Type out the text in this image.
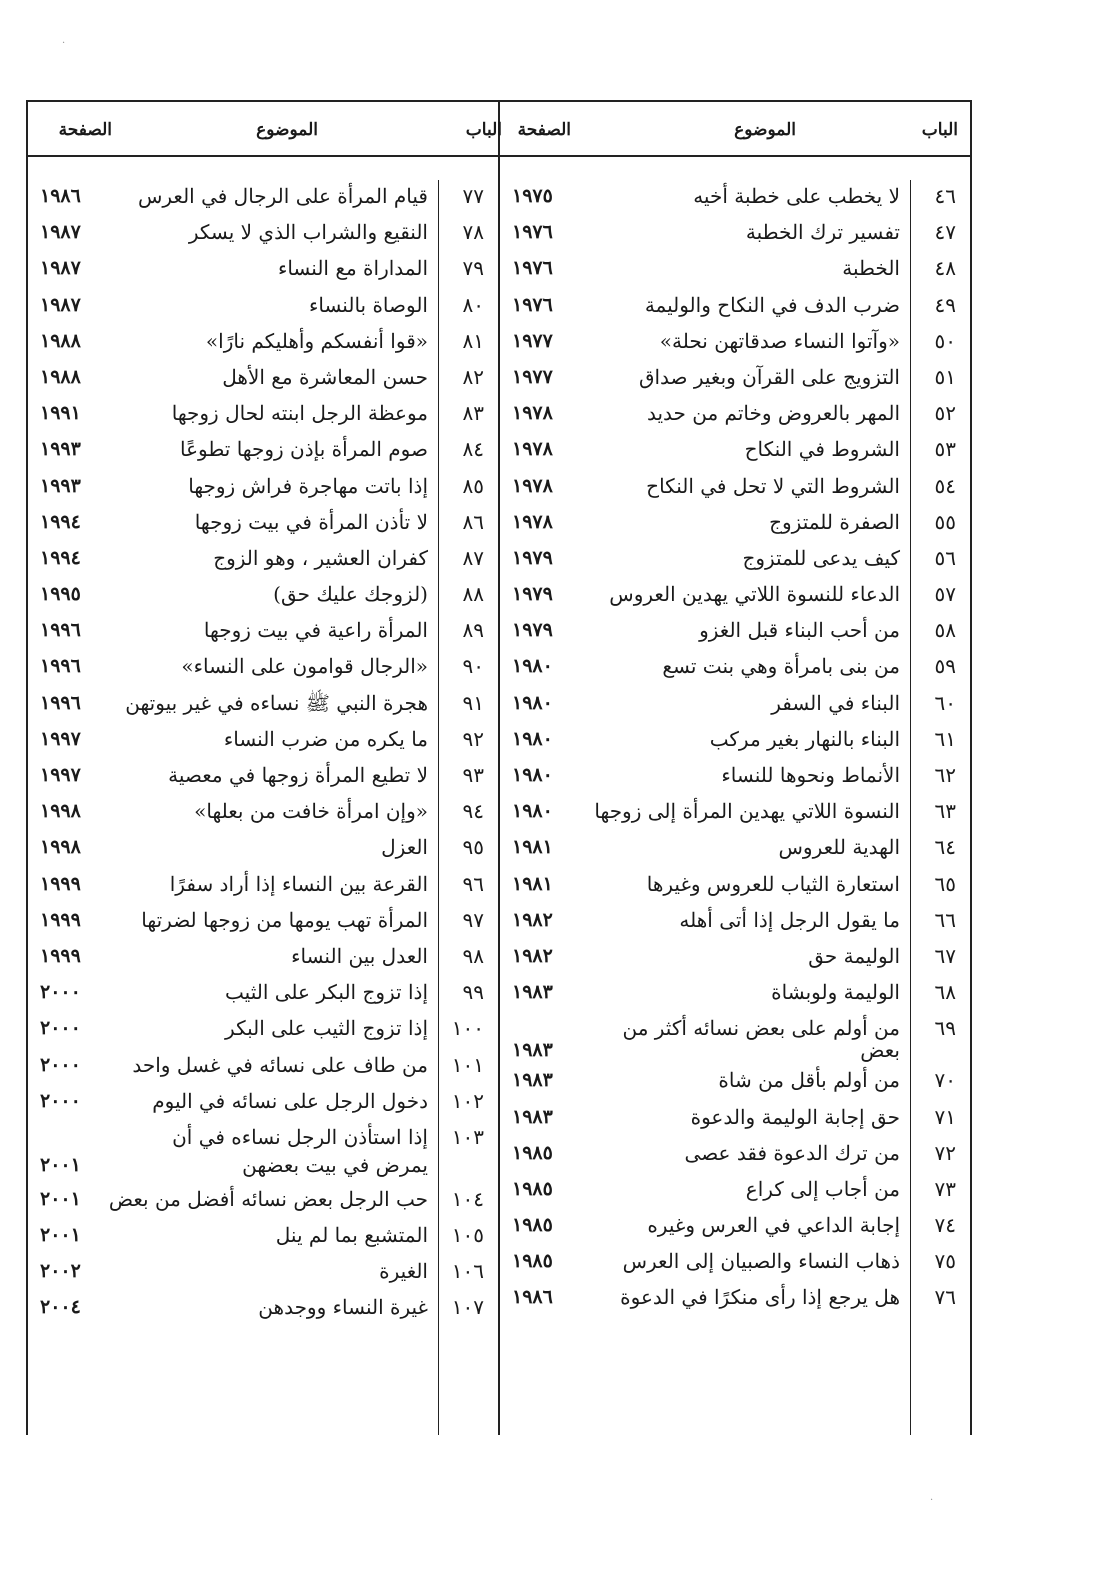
الباب
الموضوع
الصفحة
الباب
الموضوع
الصفحة
٤٦
لا يخطب على خطبة أخيه
١٩٧٥
٤٧
تفسير ترك الخطبة
١٩٧٦
٤٨
الخطبة
١٩٧٦
٤٩
ضرب الدف في النكاح والوليمة
١٩٧٦
٥٠
«وآتوا النساء صدقاتهن نحلة»
١٩٧٧
٥١
التزويج على القرآن وبغير صداق
١٩٧٧
٥٢
المهر بالعروض وخاتم من حديد
١٩٧٨
٥٣
الشروط في النكاح
١٩٧٨
٥٤
الشروط التي لا تحل في النكاح
١٩٧٨
٥٥
الصفرة للمتزوج
١٩٧٨
٥٦
كيف يدعى للمتزوج
١٩٧٩
٥٧
الدعاء للنسوة اللاتي يهدين العروس
١٩٧٩
٥٨
من أحب البناء قبل الغزو
١٩٧٩
٥٩
من بنى بامرأة وهي بنت تسع
١٩٨٠
٦٠
البناء في السفر
١٩٨٠
٦١
البناء بالنهار بغير مركب
١٩٨٠
٦٢
الأنماط ونحوها للنساء
١٩٨٠
٦٣
النسوة اللاتي يهدين المرأة إلى زوجها
١٩٨٠
٦٤
الهدية للعروس
١٩٨١
٦٥
استعارة الثياب للعروس وغيرها
١٩٨١
٦٦
ما يقول الرجل إذا أتى أهله
١٩٨٢
٦٧
الوليمة حق
١٩٨٢
٦٨
الوليمة ولوبشاة
١٩٨٣
٦٩
من أولم على بعض نسائه أكثر من
بعض
١٩٨٣
٧٠
من أولم بأقل من شاة
١٩٨٣
٧١
حق إجابة الوليمة والدعوة
١٩٨٣
٧٢
من ترك الدعوة فقد عصى
١٩٨٥
٧٣
من أجاب إلى كراع
١٩٨٥
٧٤
إجابة الداعي في العرس وغيره
١٩٨٥
٧٥
ذهاب النساء والصبيان إلى العرس
١٩٨٥
٧٦
هل يرجع إذا رأى منكرًا في الدعوة
١٩٨٦
٧٧
قيام المرأة على الرجال في العرس
١٩٨٦
٧٨
النقيع والشراب الذي لا يسكر
١٩٨٧
٧٩
المداراة مع النساء
١٩٨٧
٨٠
الوصاة بالنساء
١٩٨٧
٨١
«قوا أنفسكم وأهليكم نارًا»
١٩٨٨
٨٢
حسن المعاشرة مع الأهل
١٩٨٨
٨٣
موعظة الرجل ابنته لحال زوجها
١٩٩١
٨٤
صوم المرأة بإذن زوجها تطوعًا
١٩٩٣
٨٥
إذا باتت مهاجرة فراش زوجها
١٩٩٣
٨٦
لا تأذن المرأة في بيت زوجها
١٩٩٤
٨٧
كفران العشير ، وهو الزوج
١٩٩٤
٨٨
(لزوجك عليك حق)
١٩٩٥
٨٩
المرأة راعية في بيت زوجها
١٩٩٦
٩٠
«الرجال قوامون على النساء»
١٩٩٦
٩١
هجرة النبي ﷺ نساءه في غير بيوتهن
١٩٩٦
٩٢
ما يكره من ضرب النساء
١٩٩٧
٩٣
لا تطيع المرأة زوجها في معصية
١٩٩٧
٩٤
«وإن امرأة خافت من بعلها»
١٩٩٨
٩٥
العزل
١٩٩٨
٩٦
القرعة بين النساء إذا أراد سفرًا
١٩٩٩
٩٧
المرأة تهب يومها من زوجها لضرتها
١٩٩٩
٩٨
العدل بين النساء
١٩٩٩
٩٩
إذا تزوج البكر على الثيب
٢٠٠٠
١٠٠
إذا تزوج الثيب على البكر
٢٠٠٠
١٠١
من طاف على نسائه في غسل واحد
٢٠٠٠
١٠٢
دخول الرجل على نسائه في اليوم
٢٠٠٠
١٠٣
إذا استأذن الرجل نساءه في أن
يمرض في بيت بعضهن
٢٠٠١
١٠٤
حب الرجل بعض نسائه أفضل من بعض
٢٠٠١
١٠٥
المتشبع بما لم ينل
٢٠٠١
١٠٦
الغيرة
٢٠٠٢
١٠٧
غيرة النساء ووجدهن
٢٠٠٤
·
·
